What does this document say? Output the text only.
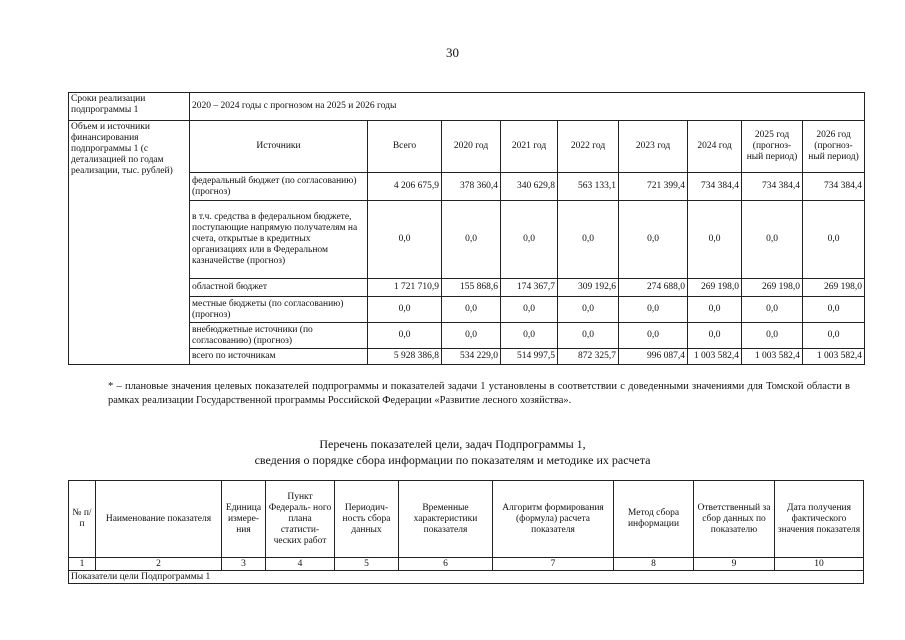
30
Сроки реализации подпрограммы 1	2020 – 2024 годы с прогнозом на 2025 и 2026 годы								
Объем и источники финансирования подпрограммы 1 (с детализацией по годам реализации, тыс. рублей)	Источники	Всего	2020 год	2021 год	2022 год	2023 год	2024 год	2025 год (прогноз- ный период)	2026 год (прогноз- ный период)
	федеральный бюджет (по согласованию) (прогноз)	4 206 675,9	378 360,4	340 629,8	563 133,1	721 399,4	734 384,4	734 384,4	734 384,4
	в т.ч. средства в федеральном бюджете, поступающие напрямую получателям на счета, открытые в кредитных организациях или в Федеральном казначействе (прогноз)	0,0	0,0	0,0	0,0	0,0	0,0	0,0	0,0
	областной бюджет	1 721 710,9	155 868,6	174 367,7	309 192,6	274 688,0	269 198,0	269 198,0	269 198,0
	местные бюджеты (по согласованию) (прогноз)	0,0	0,0	0,0	0,0	0,0	0,0	0,0	0,0
	внебюджетные источники (по согласованию) (прогноз)	0,0	0,0	0,0	0,0	0,0	0,0	0,0	0,0
	всего по источникам	5 928 386,8	534 229,0	514 997,5	872 325,7	996 087,4	1 003 582,4	1 003 582,4	1 003 582,4
* – плановые значения целевых показателей подпрограммы и показателей задачи 1 установлены в соответствии с доведенными значениями для Томской области в рамках реализации Государственной программы Российской Федерации «Развитие лесного хозяйства».
Перечень показателей цели, задач Подпрограммы 1,
сведения о порядке сбора информации по показателям и методике их расчета
№ п/п	Наименование показателя	Единица измере- ния	Пункт Федераль- ного плана статисти- ческих работ	Периодич- ность сбора данных	Временные характеристики показателя	Алгоритм формирования (формула) расчета показателя	Метод сбора информации	Ответственный за сбор данных по показателю	Дата получения фактического значения показателя
1	2	3	4	5	6	7	8	9	10
Показатели цели Подпрограммы 1									
